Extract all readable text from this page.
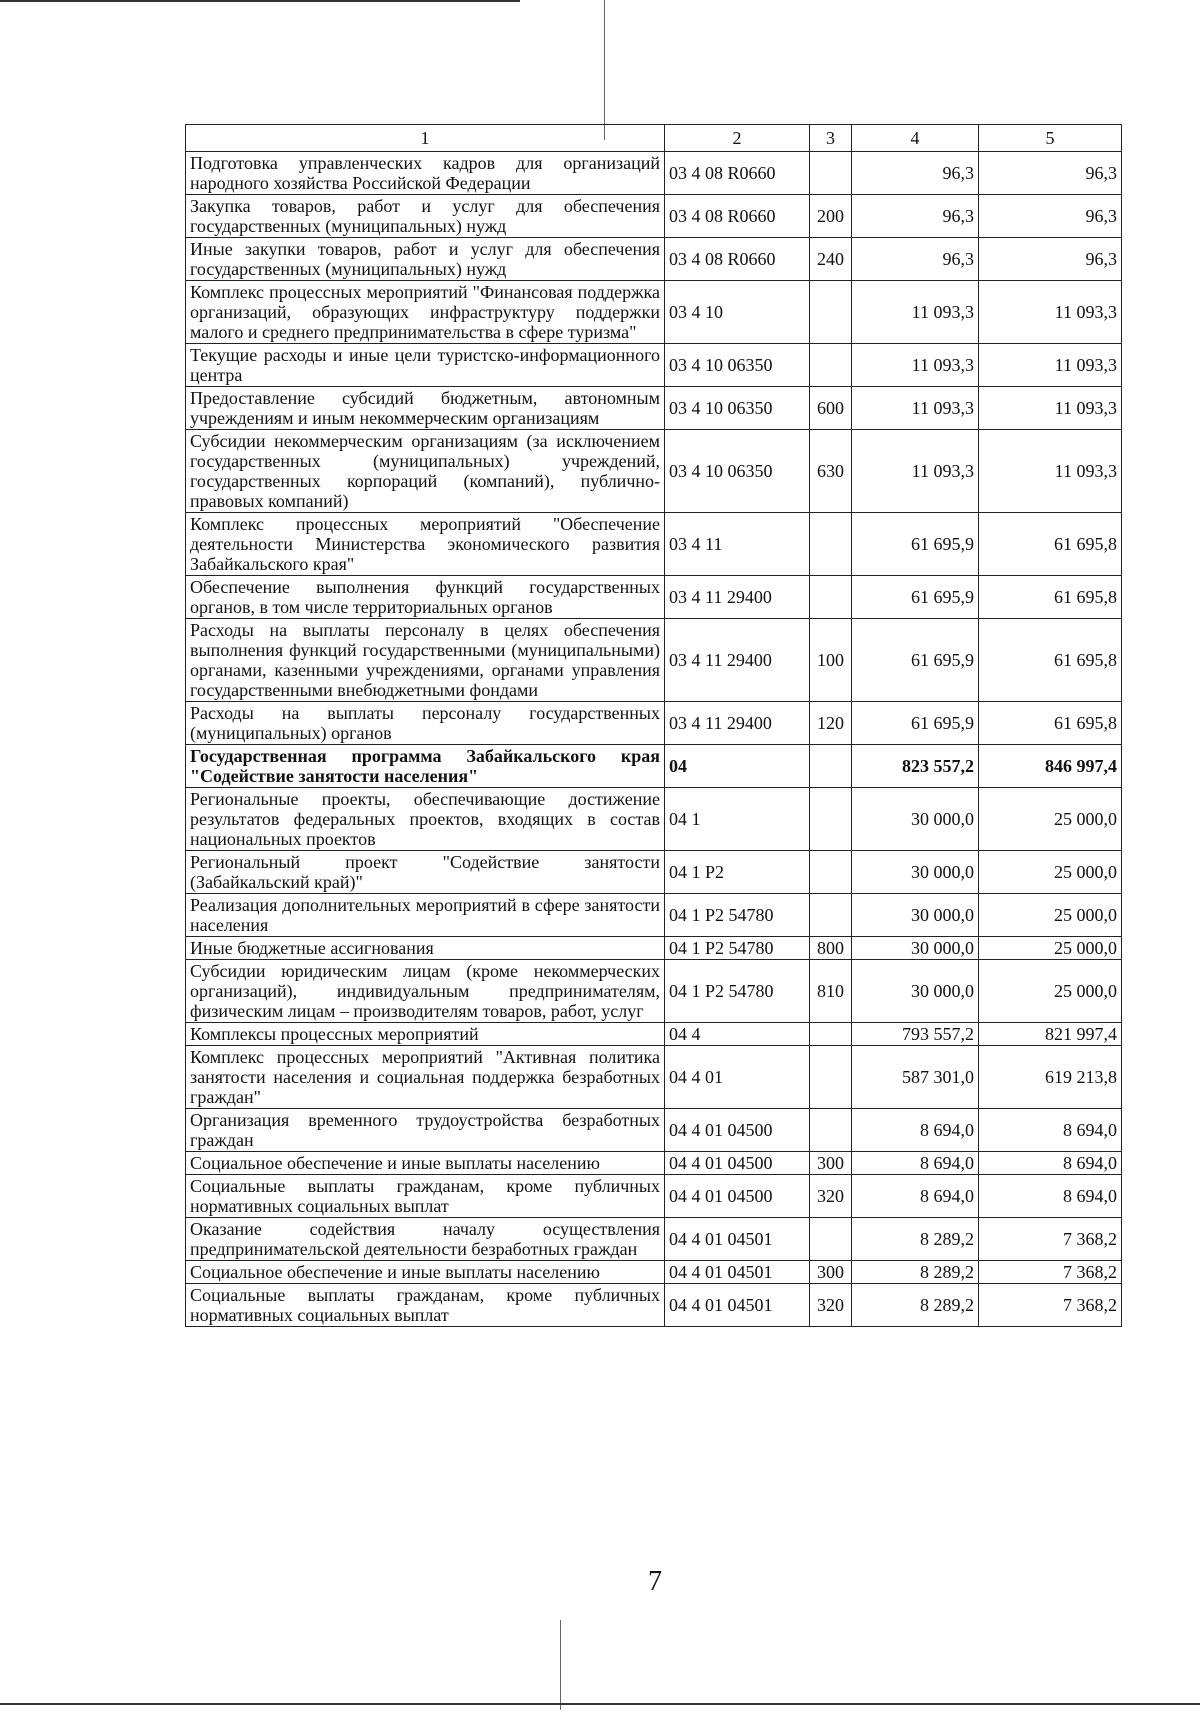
1	2	3	4	5
Подготовка управленческих кадров для организаций народного хозяйства Российской Федерации	03 4 08 R0660		96,3	96,3
Закупка товаров, работ и услуг для обеспечения государственных (муниципальных) нужд	03 4 08 R0660	200	96,3	96,3
Иные закупки товаров, работ и услуг для обеспечения государственных (муниципальных) нужд	03 4 08 R0660	240	96,3	96,3
Комплекс процессных мероприятий "Финансовая поддержка организаций, образующих инфраструктуру поддержки малого и среднего предпринимательства в сфере туризма"	03 4 10		11 093,3	11 093,3
Текущие расходы и иные цели туристско-информационного центра	03 4 10 06350		11 093,3	11 093,3
Предоставление субсидий бюджетным, автономным учреждениям и иным некоммерческим организациям	03 4 10 06350	600	11 093,3	11 093,3
Субсидии некоммерческим организациям (за исключением государственных (муниципальных) учреждений, государственных корпораций (компаний), публично-правовых компаний)	03 4 10 06350	630	11 093,3	11 093,3
Комплекс процессных мероприятий "Обеспечение деятельности Министерства экономического развития Забайкальского края"	03 4 11		61 695,9	61 695,8
Обеспечение выполнения функций государственных органов, в том числе территориальных органов	03 4 11 29400		61 695,9	61 695,8
Расходы на выплаты персоналу в целях обеспечения выполнения функций государственными (муниципальными) органами, казенными учреждениями, органами управления государственными внебюджетными фондами	03 4 11 29400	100	61 695,9	61 695,8
Расходы на выплаты персоналу государственных (муниципальных) органов	03 4 11 29400	120	61 695,9	61 695,8
Государственная программа Забайкальского края "Содействие занятости населения"	04		823 557,2	846 997,4
Региональные проекты, обеспечивающие достижение результатов федеральных проектов, входящих в состав национальных проектов	04 1		30 000,0	25 000,0
Региональный проект "Содействие занятости (Забайкальский край)"	04 1 P2		30 000,0	25 000,0
Реализация дополнительных мероприятий в сфере занятости населения	04 1 P2 54780		30 000,0	25 000,0
Иные бюджетные ассигнования	04 1 P2 54780	800	30 000,0	25 000,0
Субсидии юридическим лицам (кроме некоммерческих организаций), индивидуальным предпринимателям, физическим лицам – производителям товаров, работ, услуг	04 1 P2 54780	810	30 000,0	25 000,0
Комплексы процессных мероприятий	04 4		793 557,2	821 997,4
Комплекс процессных мероприятий "Активная политика занятости населения и социальная поддержка безработных граждан"	04 4 01		587 301,0	619 213,8
Организация временного трудоустройства безработных граждан	04 4 01 04500		8 694,0	8 694,0
Социальное обеспечение и иные выплаты населению	04 4 01 04500	300	8 694,0	8 694,0
Социальные выплаты гражданам, кроме публичных нормативных социальных выплат	04 4 01 04500	320	8 694,0	8 694,0
Оказание содействия началу осуществления предпринимательской деятельности безработных граждан	04 4 01 04501		8 289,2	7 368,2
Социальное обеспечение и иные выплаты населению	04 4 01 04501	300	8 289,2	7 368,2
Социальные выплаты гражданам, кроме публичных нормативных социальных выплат	04 4 01 04501	320	8 289,2	7 368,2
7
